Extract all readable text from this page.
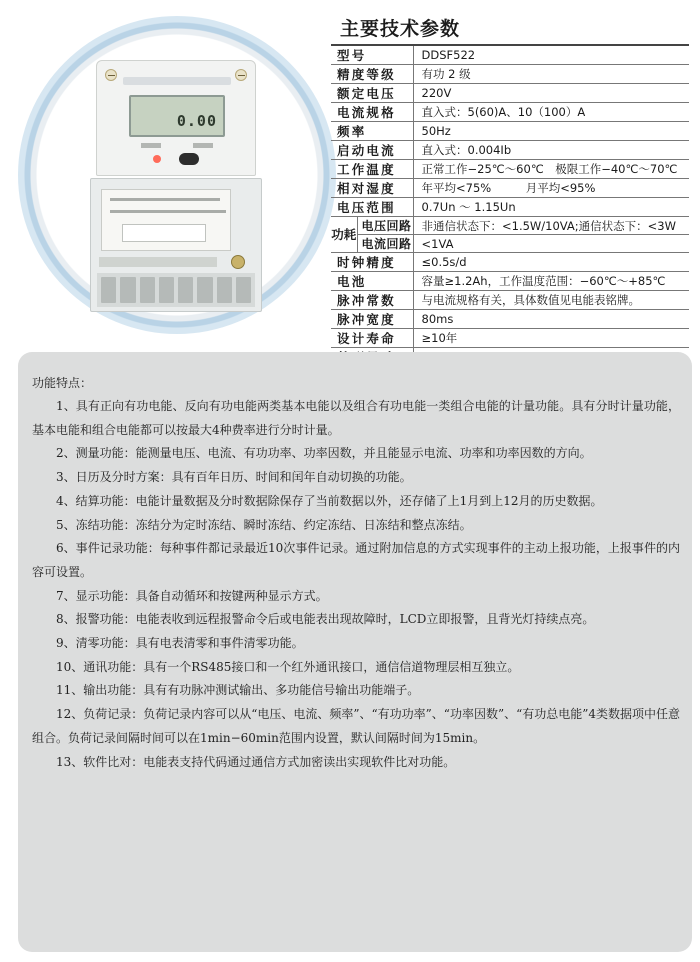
0.00
主要技术参数
型号		DDSF522
精度等级		有功 2 级
额定电压		220V
电流规格		直入式：5(60)A、10（100）A
频率		50Hz
启动电流		直入式：0.004Ib
工作温度		正常工作−25℃～60℃　极限工作−40℃～70℃
相对湿度		年平均<75%　　　月平均<95%
电压范围		0.7Un ～ 1.15Un
功耗	电压回路	非通信状态下：<1.5W/10VA;通信状态下：<3W
	电流回路	<1VA
时钟精度		≤0.5s/d
电池		容量≥1.2Ah，工作温度范围：−60℃～+85℃
脉冲常数		与电流规格有关，具体数值见电能表铭牌。
脉冲宽度		80ms
设计寿命		≥10年

功能特点：

1、具有正向有功电能、反向有功电能两类基本电能以及组合有功电能一类组合电能的计量功能。具有分时计量功能，基本电能和组合电能都可以按最大4种费率进行分时计量。

2、测量功能：能测量电压、电流、有功功率、功率因数，并且能显示电流、功率和功率因数的方向。

3、日历及分时方案：具有百年日历、时间和闰年自动切换的功能。

4、结算功能：电能计量数据及分时数据除保存了当前数据以外，还存储了上1月到上12月的历史数据。

5、冻结功能：冻结分为定时冻结、瞬时冻结、约定冻结、日冻结和整点冻结。

6、事件记录功能：每种事件都记录最近10次事件记录。通过附加信息的方式实现事件的主动上报功能，上报事件的内容可设置。

7、显示功能：具备自动循环和按键两种显示方式。

8、报警功能：电能表收到远程报警命令后或电能表出现故障时，LCD立即报警，且背光灯持续点亮。

9、清零功能：具有电表清零和事件清零功能。

10、通讯功能：具有一个RS485接口和一个红外通讯接口，通信信道物理层相互独立。

11、输出功能：具有有功脉冲测试输出、多功能信号输出功能端子。

12、负荷记录：负荷记录内容可以从“电压、电流、频率”、“有功功率”、“功率因数”、“有功总电能”4类数据项中任意组合。负荷记录间隔时间可以在1min−60min范围内设置，默认间隔时间为15min。

13、软件比对：电能表支持代码通过通信方式加密读出实现软件比对功能。
